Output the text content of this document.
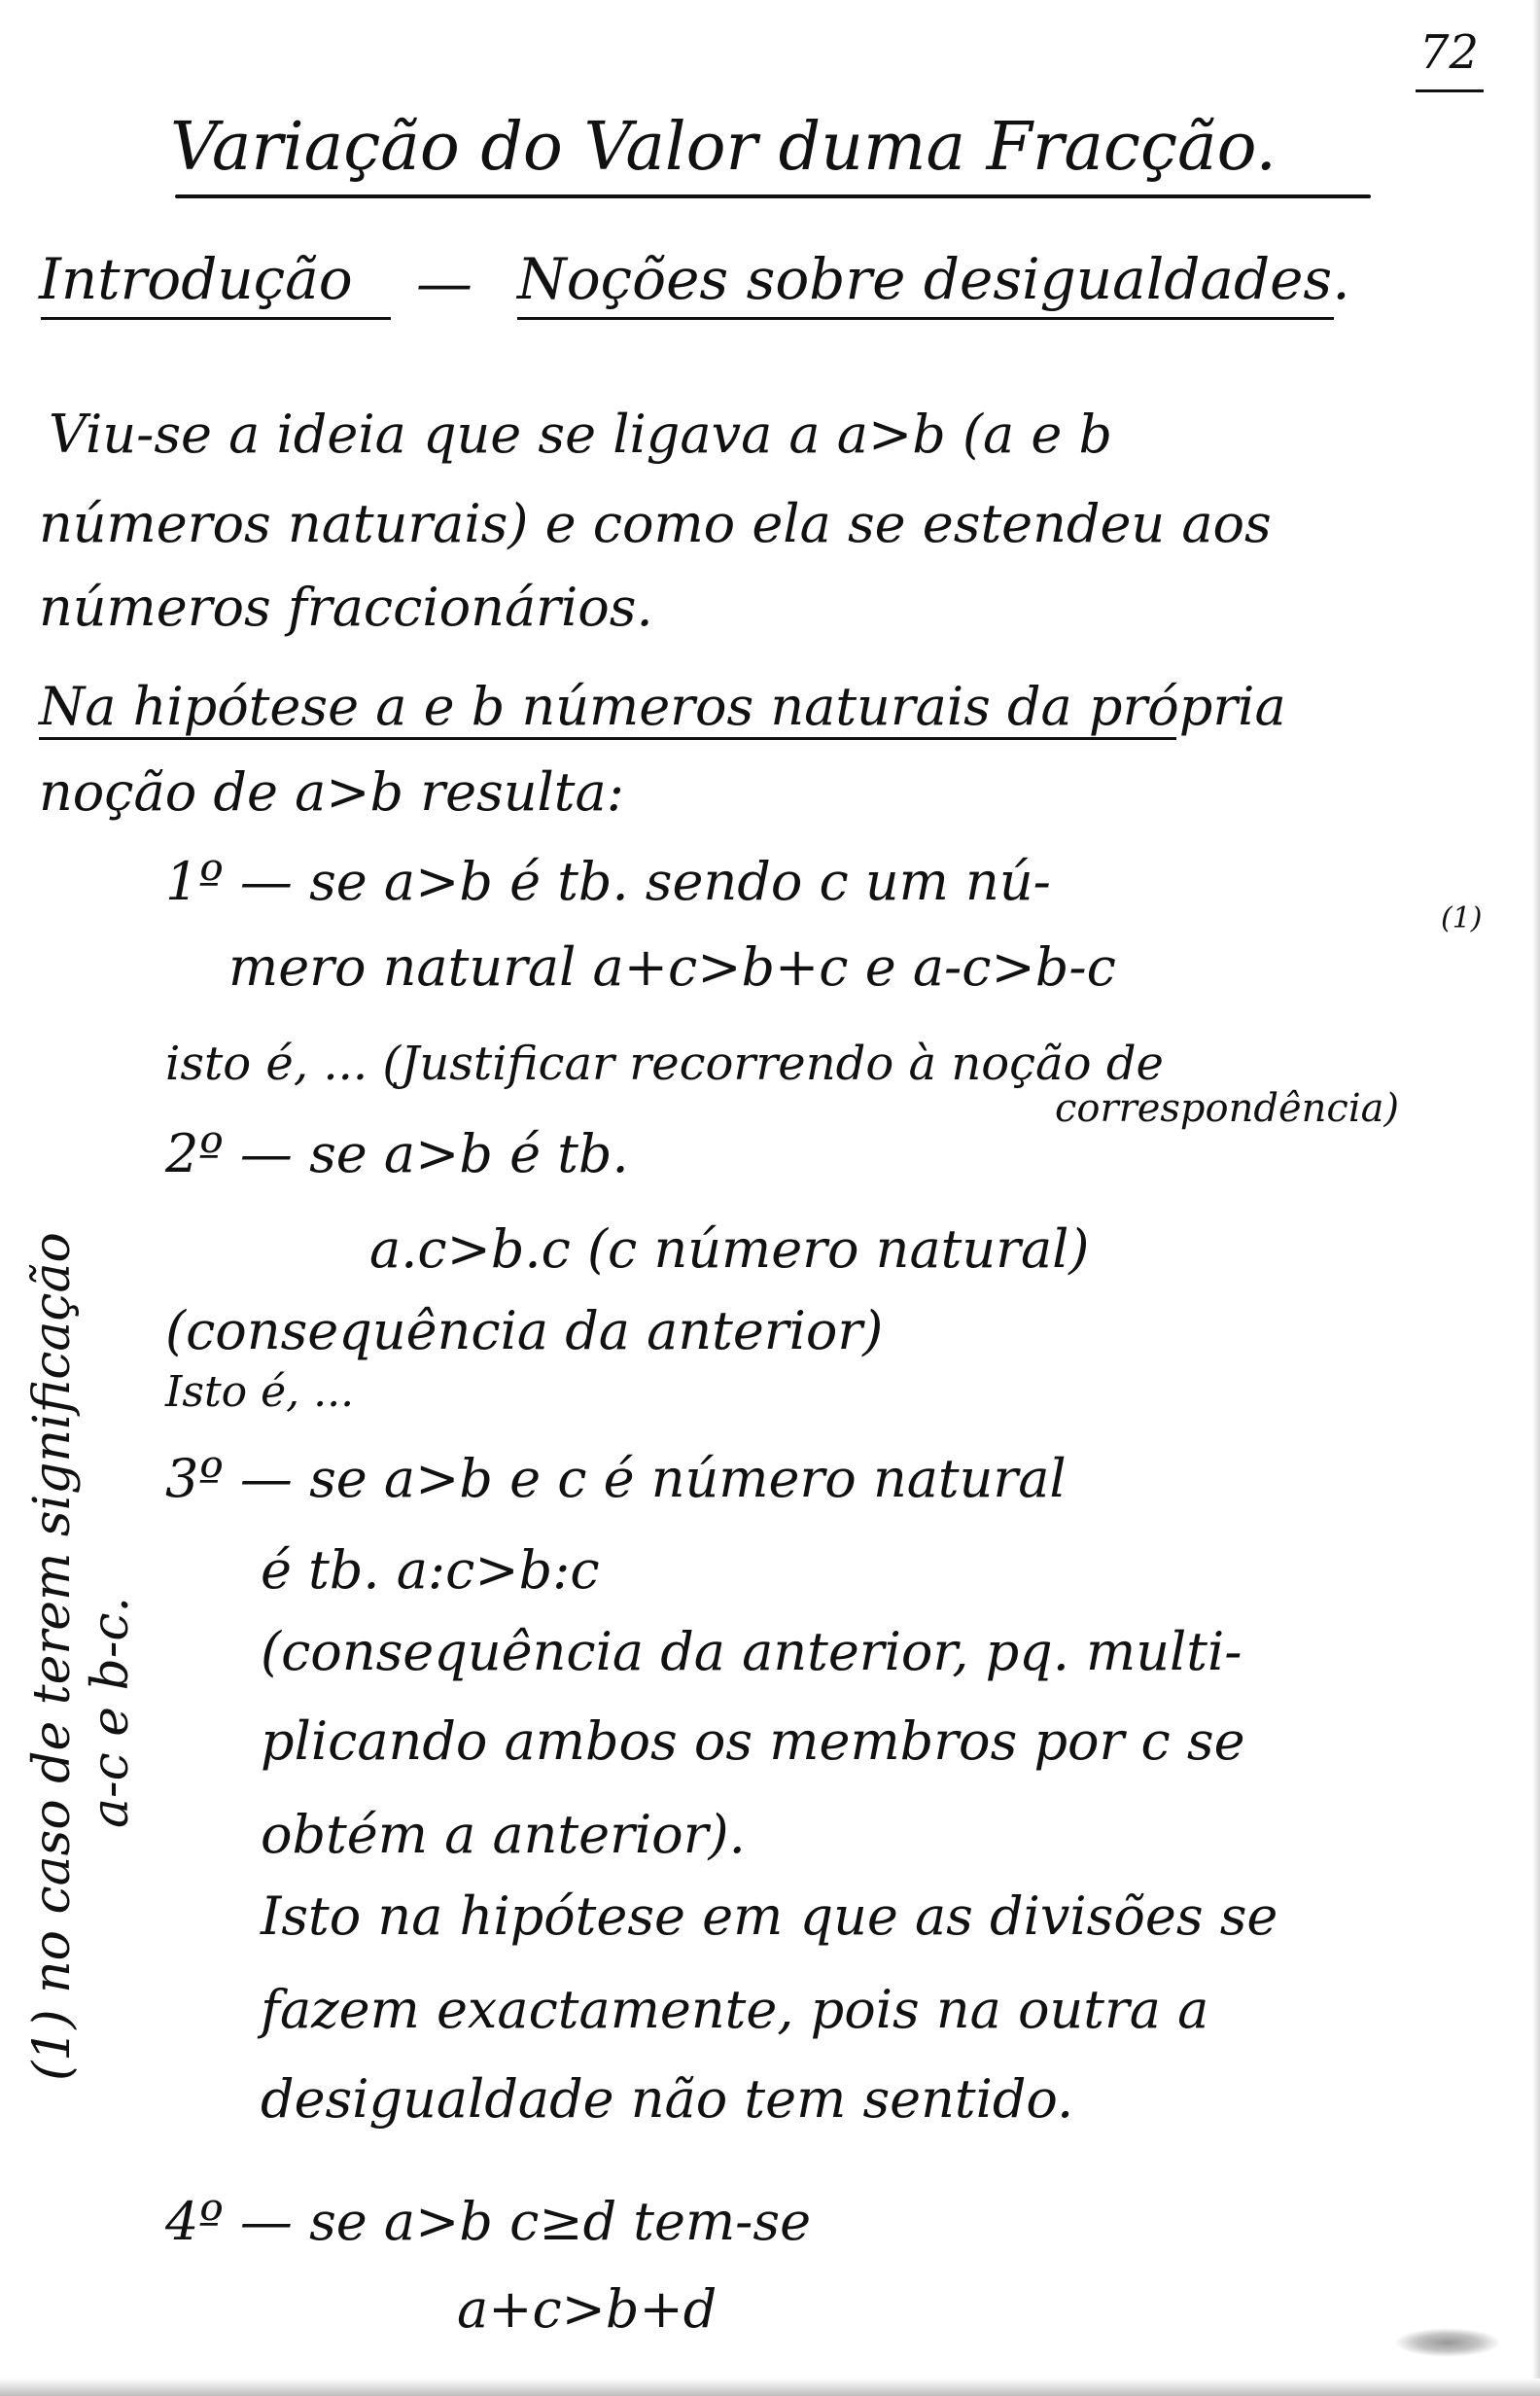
72
Variação do Valor duma Fracção.
Introdução — Noções sobre desigualdades.
Viu-se a ideia que se ligava a a>b (a e b
números naturais) e como ela se estendeu aos
números fraccionários.
Na hipótese a e b números naturais da própria
noção de a>b resulta:
1º — se a>b é tb. sendo c um nú-
mero natural a+c>b+c e a-c>b-c
(1)
isto é, ... (Justificar recorrendo à noção de
correspondência)
2º — se a>b é tb.
a.c>b.c (c número natural)
(consequência da anterior)
Isto é, ...
3º — se a>b e c é número natural
é tb. a:c>b:c
(consequência da anterior, pq. multi-
plicando ambos os membros por c se
obtém a anterior).
Isto na hipótese em que as divisões se
fazem exactamente, pois na outra a
desigualdade não tem sentido.
4º — se a>b c≥d tem-se
a+c>b+d
(1) no caso de terem significação a-c e b-c.
